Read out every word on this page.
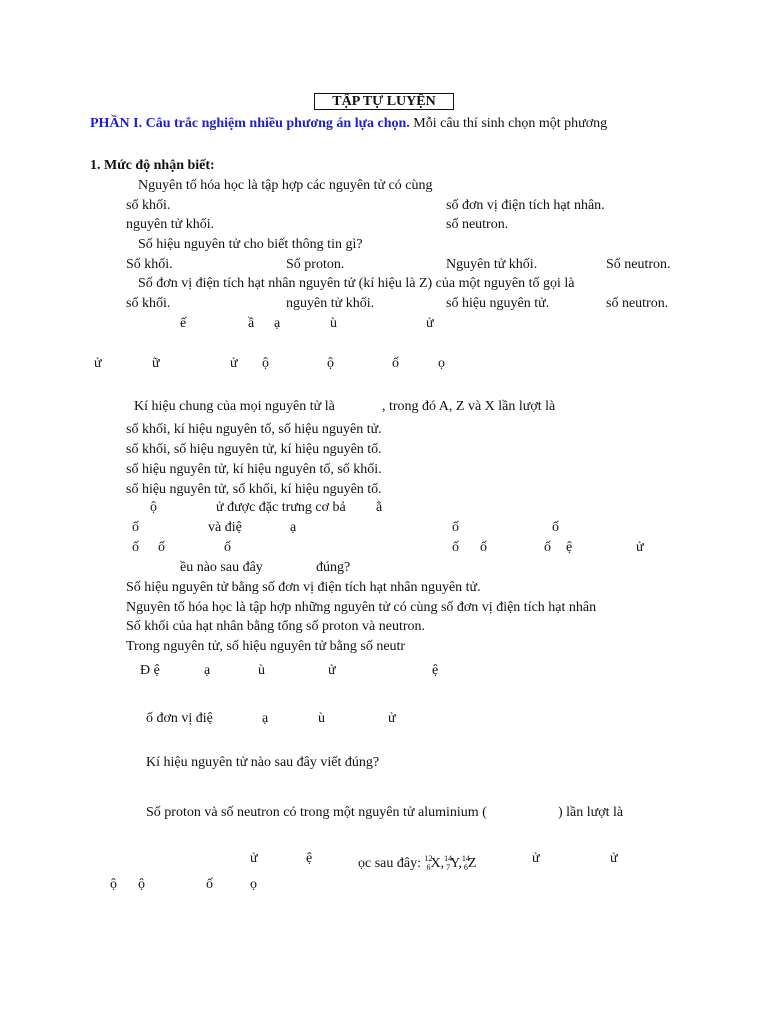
TẬP TỰ LUYỆN
PHẦN I. Câu trắc nghiệm nhiều phương án lựa chọn. Mỗi câu thí sinh chọn một phương
1. Mức độ nhận biết:
Nguyên tố hóa học là tập hợp các nguyên tử có cùng
số khối.	số đơn vị điện tích hạt nhân.
nguyên tử khối.	số neutron.
Số hiệu nguyên tử cho biết thông tin gì?
Số khối.	Số proton.	Nguyên tử khối.	Số neutron.
Số đơn vị điện tích hạt nhân nguyên tử (kí hiệu là Z) của một nguyên tố gọi là
số khối.	nguyên tử khối.	số hiệu nguyên tử.	số neutron.
ế	ầ ạ	ù	ử
ử	ữ	ử ộ	ộ	ố	ọ
Kí hiệu chung của mọi nguyên tử là	, trong đó A, Z và X lần lượt là
số khối, kí hiệu nguyên tố, số hiệu nguyên tử.
số khối, số hiệu nguyên tử, kí hiệu nguyên tố.
số hiệu nguyên tử, kí hiệu nguyên tố, số khối.
số hiệu nguyên tử, số khối, kí hiệu nguyên tố.
ộ	ử được đặc trưng cơ bả ằ
ố	và điệ	ạ	ố	ố
ố ố	ố	ố ố	ố ệ	ử
ều nào sau đây	đúng?
Số hiệu nguyên tử bằng số đơn vị điện tích hạt nhân nguyên tử.
Nguyên tố hóa học là tập hợp những nguyên tử có cùng số đơn vị điện tích hạt nhân
Số khối của hạt nhân bằng tổng số proton và neutron.
Trong nguyên tử, số hiệu nguyên tử bằng số neutr
Đ ệ	ạ	ù	ử	ệ
ố đơn vị điệ	ạ	ù	ử
Kí hiệu nguyên tử nào sau đây viết đúng?
Số proton và số neutron có trong một nguyên tử aluminium (	) lần lượt là
ử	ệ	ọc sau đây: $^{12}_6$X,$^{14}_7$Y,$^{14}_6$Z	ử	ử
ộ ộ	ố	ọ
